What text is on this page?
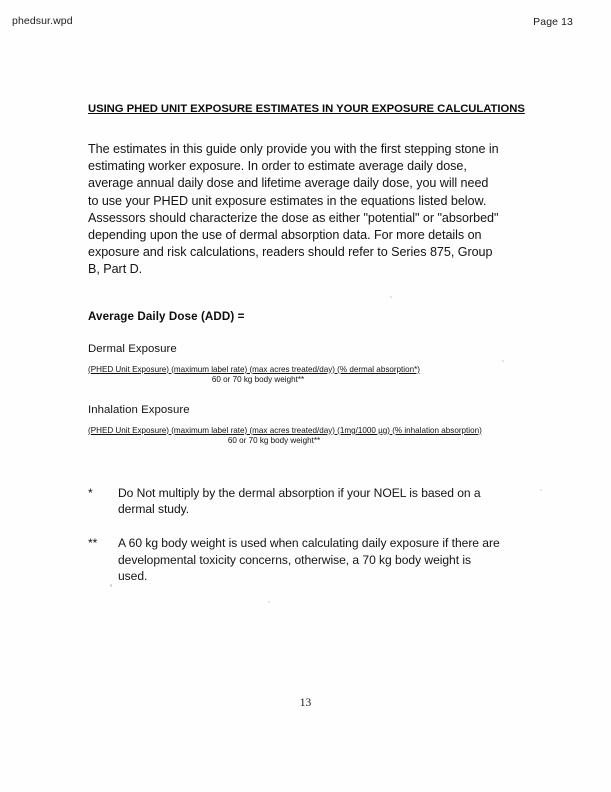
phedsur.wpd	Page 13
USING PHED UNIT EXPOSURE ESTIMATES IN YOUR EXPOSURE CALCULATIONS

The estimates in this guide only provide you with the first stepping stone in estimating worker exposure. In order to estimate average daily dose, average annual daily dose and lifetime average daily dose, you will need to use your PHED unit exposure estimates in the equations listed below. Assessors should characterize the dose as either "potential" or "absorbed" depending upon the use of dermal absorption data. For more details on exposure and risk calculations, readers should refer to Series 875, Group B, Part D.

Average Daily Dose (ADD) =
Dermal Exposure
(PHED Unit Exposure) (maximum label rate) (max acres treated/day) (% dermal absorption*)
60 or 70 kg body weight**
Inhalation Exposure
(PHED Unit Exposure) (maximum label rate) (max acres treated/day) (1mg/1000 µg) (% inhalation absorption)
60 or 70 kg body weight**
* Do Not multiply by the dermal absorption if your NOEL is based on a dermal study.
** A 60 kg body weight is used when calculating daily exposure if there are developmental toxicity concerns, otherwise, a 70 kg body weight is used.
13
